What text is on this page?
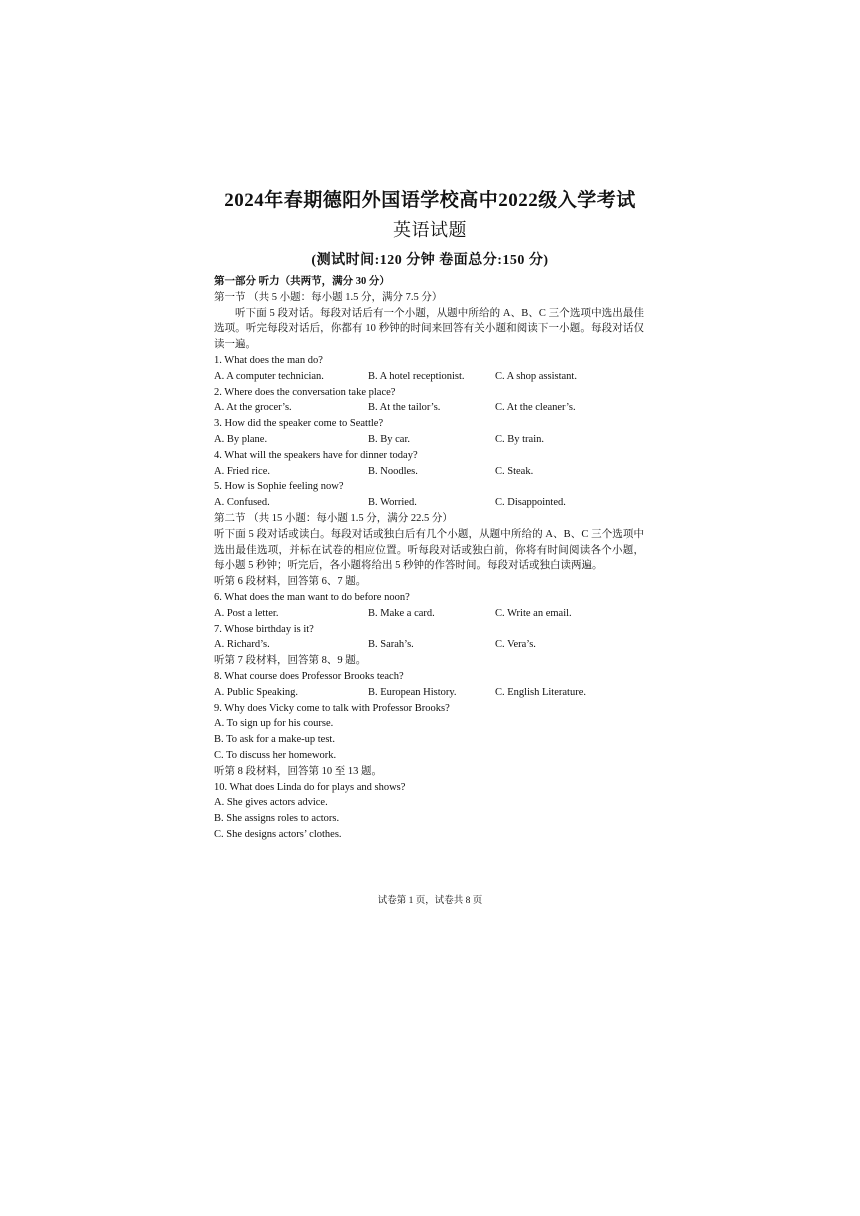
2024年春期德阳外国语学校高中2022级入学考试
英语试题
(测试时间:120 分钟 卷面总分:150 分)
第一部分 听力（共两节，满分 30 分）
第一节 （共 5 小题：每小题 1.5 分，满分 7.5 分）
听下面 5 段对话。每段对话后有一个小题，从题中所给的 A、B、C 三个选项中选出最佳选项。听完每段对话后，你都有 10 秒钟的时间来回答有关小题和阅读下一小题。每段对话仅读一遍。
1. What does the man do?
A. A computer technician.	B. A hotel receptionist.	C. A shop assistant.
2. Where does the conversation take place?
A. At the grocer’s.	B. At the tailor’s.	C. At the cleaner’s.
3. How did the speaker come to Seattle?
A. By plane.	B. By car.	C. By train.
4. What will the speakers have for dinner today?
A. Fried rice.	B. Noodles.	C. Steak.
5. How is Sophie feeling now?
A. Confused.	B. Worried.	C. Disappointed.
第二节 （共 15 小题：每小题 1.5 分，满分 22.5 分）
听下面 5 段对话或读白。每段对话或独白后有几个小题，从题中所给的 A、B、C 三个选项中选出最佳选项，并标在试卷的相应位置。听每段对话或独白前，你将有时间阅读各个小题，每小题 5 秒钟；听完后，各小题将给出 5 秒钟的作答时间。每段对话或独白读两遍。
听第 6 段材料，回答第 6、7 题。
6. What does the man want to do before noon?
A. Post a letter.	B. Make a card.	C. Write an email.
7. Whose birthday is it?
A. Richard’s.	B. Sarah’s.	C. Vera’s.
听第 7 段材料，回答第 8、9 题。
8. What course does Professor Brooks teach?
A. Public Speaking.	B. European History.	C. English Literature.
9. Why does Vicky come to talk with Professor Brooks?
A. To sign up for his course.
B. To ask for a make-up test.
C. To discuss her homework.
听第 8 段材料，回答第 10 至 13 题。
10. What does Linda do for plays and shows?
A. She gives actors advice.
B. She assigns roles to actors.
C. She designs actors’ clothes.
试卷第 1 页，试卷共 8 页
